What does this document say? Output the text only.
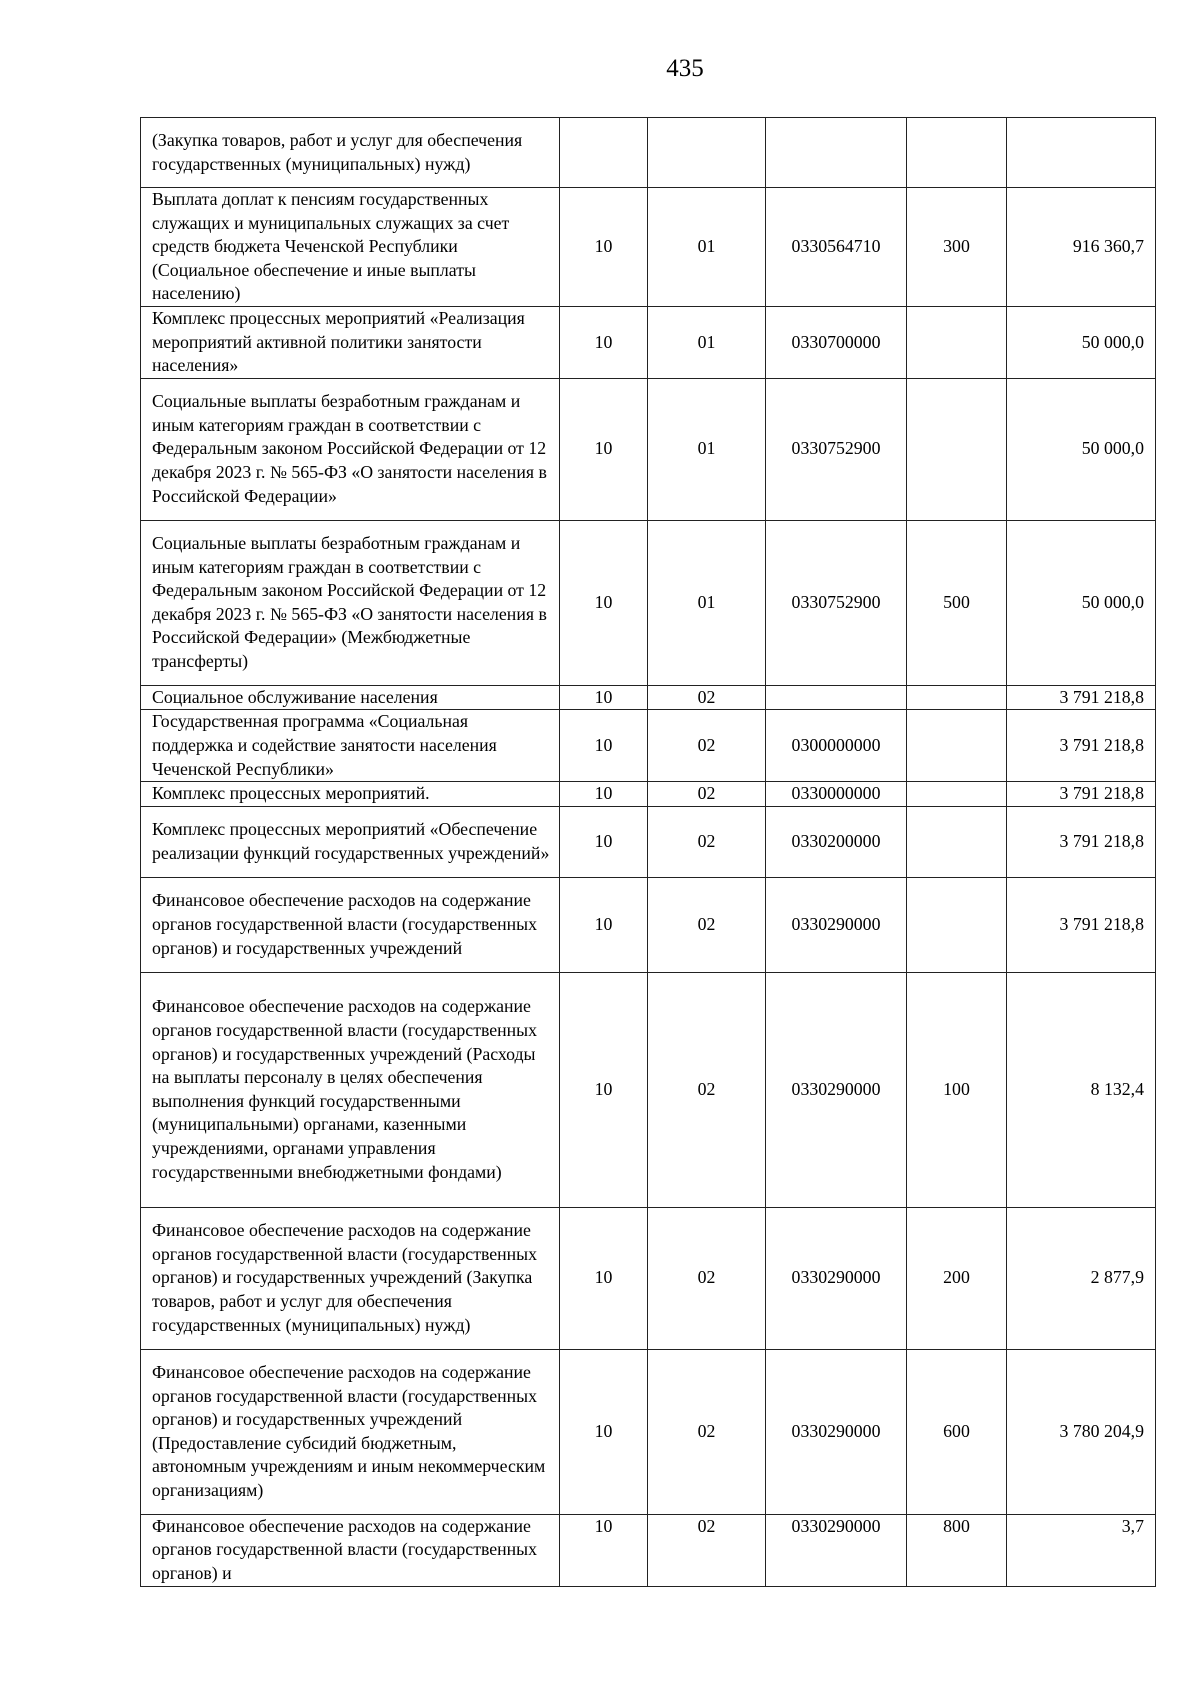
435
(Закупка товаров, работ и услуг для обеспечения государственных (муниципальных) нужд)					
Выплата доплат к пенсиям государственных служащих и муниципальных служащих за счет средств бюджета Чеченской Республики (Социальное обеспечение и иные выплаты населению)	10	01	0330564710	300	916 360,7
Комплекс процессных мероприятий «Реализация мероприятий активной политики занятости населения»	10	01	0330700000		50 000,0
Социальные выплаты безработным гражданам и иным категориям граждан в соответствии с Федеральным законом Российской Федерации от 12 декабря 2023 г. № 565-ФЗ «О занятости населения в Российской Федерации»	10	01	0330752900		50 000,0
Социальные выплаты безработным гражданам и иным категориям граждан в соответствии с Федеральным законом Российской Федерации от 12 декабря 2023 г. № 565-ФЗ «О занятости населения в Российской Федерации» (Межбюджетные трансферты)	10	01	0330752900	500	50 000,0
Социальное обслуживание населения	10	02			3 791 218,8
Государственная программа «Социальная поддержка и содействие занятости населения Чеченской Республики»	10	02	0300000000		3 791 218,8
Комплекс процессных мероприятий.	10	02	0330000000		3 791 218,8
Комплекс процессных мероприятий «Обеспечение реализации функций государственных учреждений»	10	02	0330200000		3 791 218,8
Финансовое обеспечение расходов на содержание органов государственной власти (государственных органов) и государственных учреждений	10	02	0330290000		3 791 218,8
Финансовое обеспечение расходов на содержание органов государственной власти (государственных органов) и государственных учреждений (Расходы на выплаты персоналу в целях обеспечения выполнения функций государственными (муниципальными) органами, казенными учреждениями, органами управления государственными внебюджетными фондами)	10	02	0330290000	100	8 132,4
Финансовое обеспечение расходов на содержание органов государственной власти (государственных органов) и государственных учреждений (Закупка товаров, работ и услуг для обеспечения государственных (муниципальных) нужд)	10	02	0330290000	200	2 877,9
Финансовое обеспечение расходов на содержание органов государственной власти (государственных органов) и государственных учреждений (Предоставление субсидий бюджетным, автономным учреждениям и иным некоммерческим организациям)	10	02	0330290000	600	3 780 204,9
Финансовое обеспечение расходов на содержание органов государственной власти (государственных органов) и	10	02	0330290000	800	3,7
